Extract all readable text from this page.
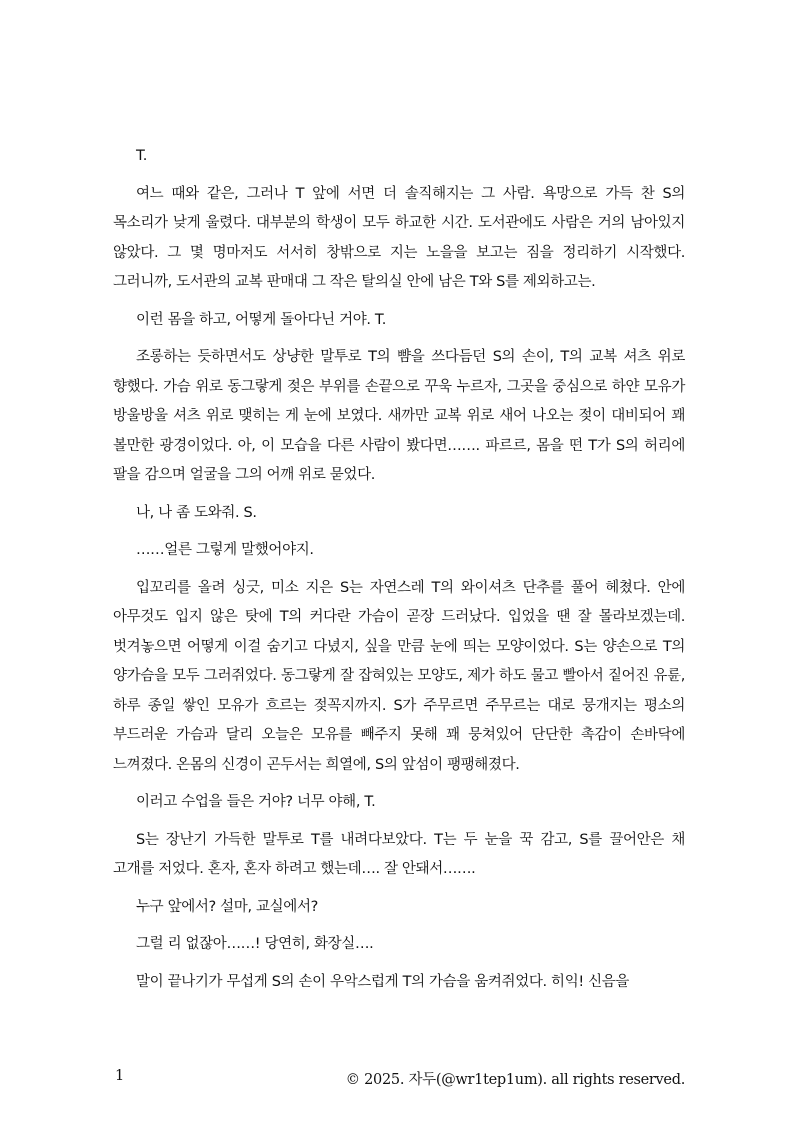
T.

여느 때와 같은, 그러나 T 앞에 서면 더 솔직해지는 그 사람. 욕망으로 가득 찬 S의 목소리가 낮게 울렸다. 대부분의 학생이 모두 하교한 시간. 도서관에도 사람은 거의 남아있지 않았다. 그 몇 명마저도 서서히 창밖으로 지는 노을을 보고는 짐을 정리하기 시작했다. 그러니까, 도서관의 교복 판매대 그 작은 탈의실 안에 남은 T와 S를 제외하고는.

이런 몸을 하고, 어떻게 돌아다닌 거야. T.

조롱하는 듯하면서도 상냥한 말투로 T의 뺨을 쓰다듬던 S의 손이, T의 교복 셔츠 위로 향했다. 가슴 위로 동그랗게 젖은 부위를 손끝으로 꾸욱 누르자, 그곳을 중심으로 하얀 모유가 방울방울 셔츠 위로 맺히는 게 눈에 보였다. 새까만 교복 위로 새어 나오는 젖이 대비되어 꽤 볼만한 광경이었다. 아, 이 모습을 다른 사람이 봤다면……. 파르르, 몸을 떤 T가 S의 허리에 팔을 감으며 얼굴을 그의 어깨 위로 묻었다.

나, 나 좀 도와줘. S.

……얼른 그렇게 말했어야지.

입꼬리를 올려 싱긋, 미소 지은 S는 자연스레 T의 와이셔츠 단추를 풀어 헤쳤다. 안에 아무것도 입지 않은 탓에 T의 커다란 가슴이 곧장 드러났다. 입었을 땐 잘 몰라보겠는데. 벗겨놓으면 어떻게 이걸 숨기고 다녔지, 싶을 만큼 눈에 띄는 모양이었다. S는 양손으로 T의 양가슴을 모두 그러쥐었다. 동그랗게 잘 잡혀있는 모양도, 제가 하도 물고 빨아서 짙어진 유륜, 하루 종일 쌓인 모유가 흐르는 젖꼭지까지. S가 주무르면 주무르는 대로 뭉개지는 평소의 부드러운 가슴과 달리 오늘은 모유를 빼주지 못해 꽤 뭉쳐있어 단단한 촉감이 손바닥에 느껴졌다. 온몸의 신경이 곤두서는 희열에, S의 앞섬이 팽팽해졌다.

이러고 수업을 들은 거야? 너무 야해, T.

S는 장난기 가득한 말투로 T를 내려다보았다. T는 두 눈을 꾹 감고, S를 끌어안은 채 고개를 저었다. 혼자, 혼자 하려고 했는데…. 잘 안돼서…….

누구 앞에서? 설마, 교실에서?

그럴 리 없잖아……! 당연히, 화장실….

말이 끝나기가 무섭게 S의 손이 우악스럽게 T의 가슴을 움켜쥐었다. 히익! 신음을

1	© 2025. 자두(@wr1tep1um). all rights reserved.
